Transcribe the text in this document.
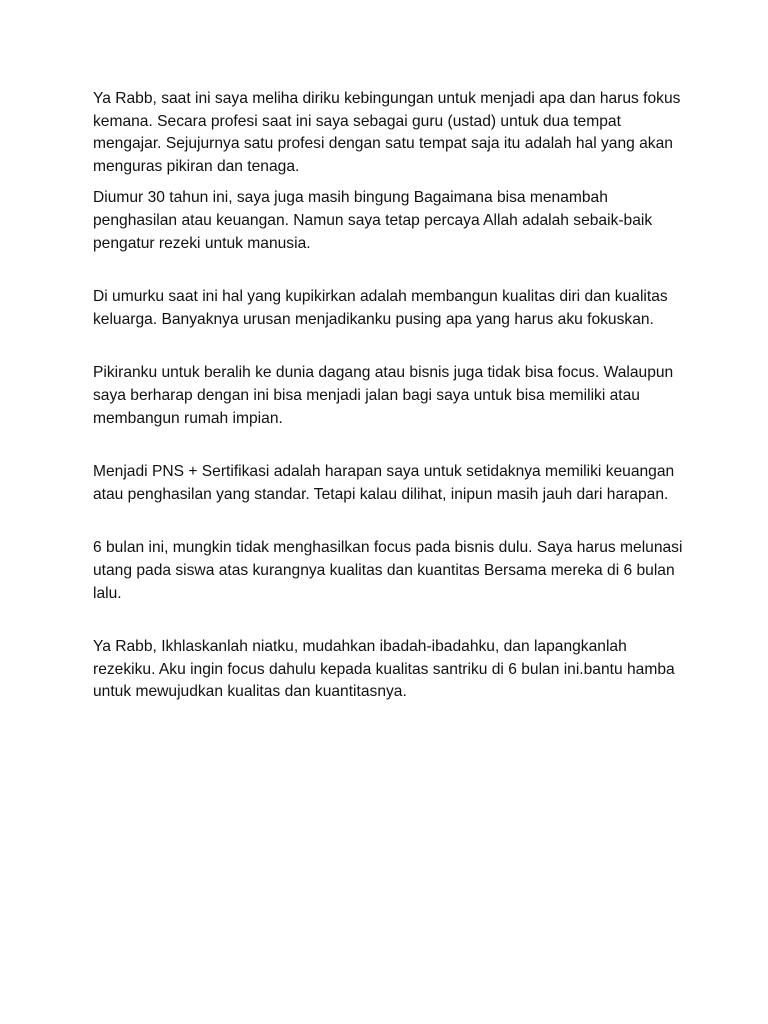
Ya Rabb, saat ini saya meliha diriku kebingungan untuk menjadi apa dan harus fokus kemana. Secara profesi saat ini saya sebagai guru (ustad) untuk dua tempat mengajar. Sejujurnya satu profesi dengan satu tempat saja itu adalah hal yang akan menguras pikiran dan tenaga.

Diumur 30 tahun ini, saya juga masih bingung Bagaimana bisa menambah penghasilan atau keuangan. Namun saya tetap percaya Allah adalah sebaik-baik pengatur rezeki untuk manusia.

Di umurku saat ini hal yang kupikirkan adalah membangun kualitas diri dan kualitas keluarga. Banyaknya urusan menjadikanku pusing apa yang harus aku fokuskan.

Pikiranku untuk beralih ke dunia dagang atau bisnis juga tidak bisa focus. Walaupun saya berharap dengan ini bisa menjadi jalan bagi saya untuk bisa memiliki atau membangun rumah impian.

Menjadi PNS + Sertifikasi adalah harapan saya untuk setidaknya memiliki keuangan atau penghasilan yang standar. Tetapi kalau dilihat, inipun masih jauh dari harapan.

6 bulan ini, mungkin tidak menghasilkan focus pada bisnis dulu. Saya harus melunasi utang pada siswa atas kurangnya kualitas dan kuantitas Bersama mereka di 6 bulan lalu.

Ya Rabb, Ikhlaskanlah niatku, mudahkan ibadah-ibadahku, dan lapangkanlah rezekiku. Aku ingin focus dahulu kepada kualitas santriku di 6 bulan ini.bantu hamba untuk mewujudkan kualitas dan kuantitasnya.
